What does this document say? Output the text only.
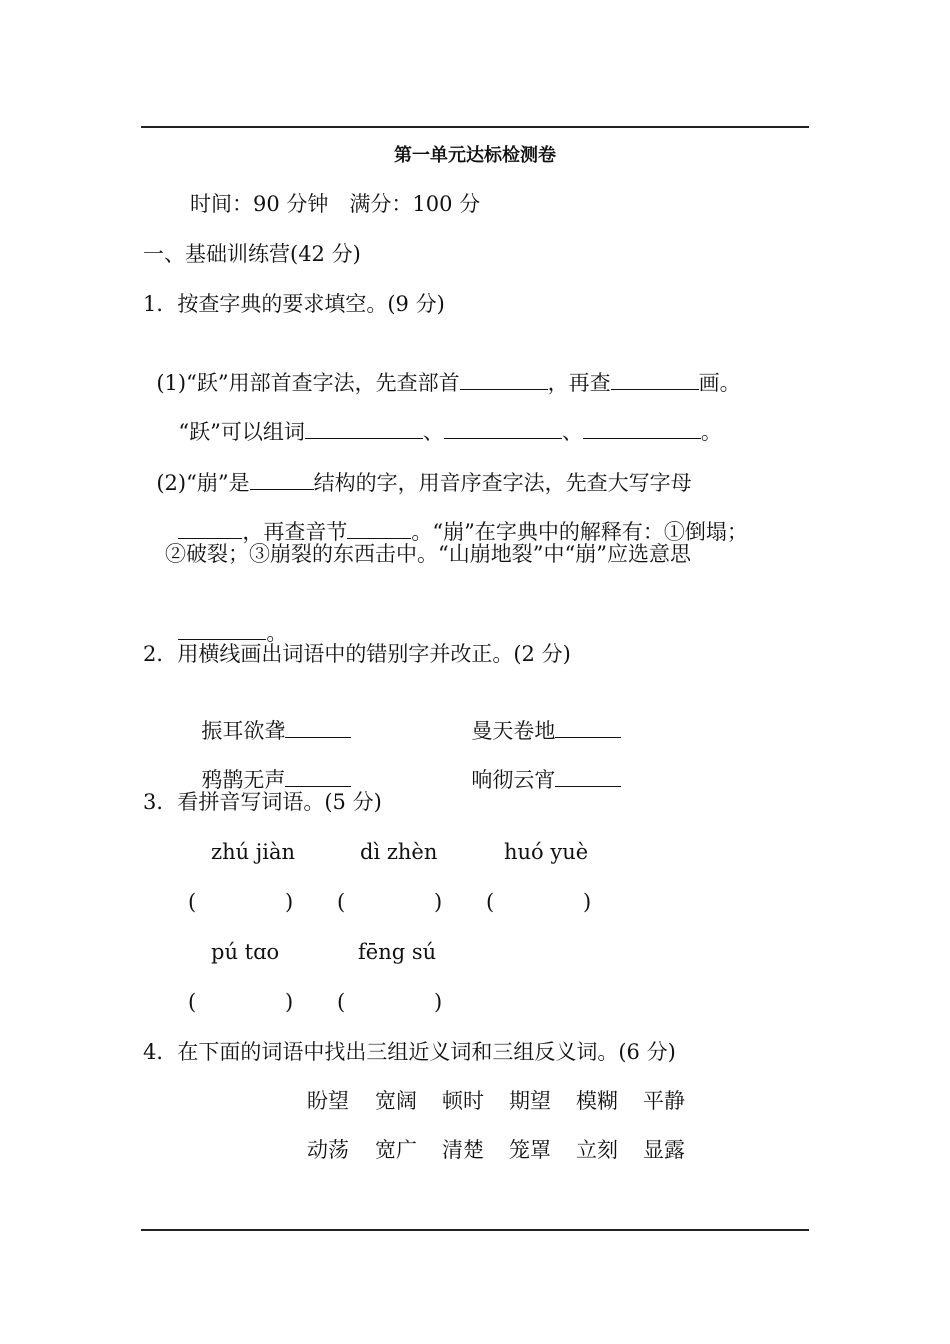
第一单元达标检测卷
时间：90 分钟　满分：100 分
一、基础训练营(42 分)
1．按查字典的要求填空。(9 分)

(1)“跃”用部首查字法，先查部首	，再查	画。

“跃”可以组词	、	、	。

(2)“崩”是	结构的字，用音序查字法，先查大写字母

，再查音节	。“崩”在字典中的解释有：①倒塌；

②破裂；③崩裂的东西击中。“山崩地裂”中“崩”应选意思

。

2．用横线画出词语中的错别字并改正。(2 分)

振耳欲聋	曼天卷地

鸦鹊无声	响彻云宵

3．看拼音写词语。(5 分)
zhú jiàn	dì zhèn	huó yuè
(	) (	) (	)
pú tɑo	fēng sú
(	) (	)
4．在下面的词语中找出三组近义词和三组反义词。(6 分)
盼望 宽阔 顿时 期望 模糊 平静
动荡 宽广 清楚 笼罩 立刻 显露
